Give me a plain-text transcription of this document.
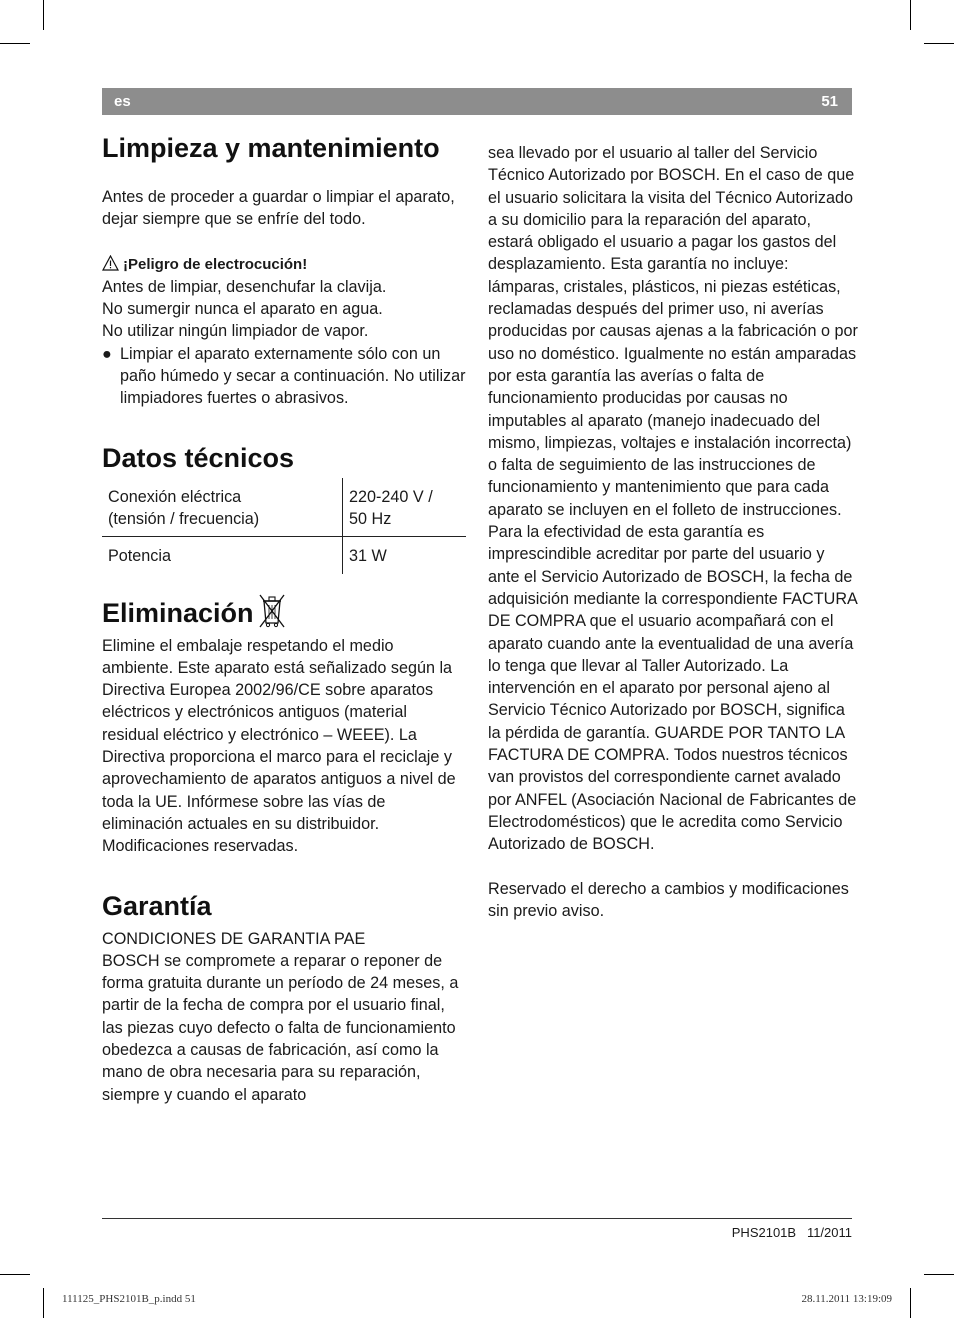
es	51
Limpieza y mantenimiento

Antes de proceder a guardar o limpiar el aparato, dejar siempre que se enfríe del todo.

¡Peligro de electrocución!

Antes de limpiar, desenchufar la clavija.

No sumergir nunca el aparato en agua.

No utilizar ningún limpiador de vapor.

● Limpiar el aparato externamente sólo con un paño húmedo y secar a continuación. No utilizar limpiadores fuertes o abrasivos.

Datos técnicos
Conexión eléctrica
(tensión / frecuencia)	220-240 V /
50 Hz
Potencia	31 W
Eliminación

Elimine el embalaje respetando el medio ambiente. Este aparato está señalizado según la Directiva Europea 2002/96/CE sobre aparatos eléctricos y electrónicos antiguos (material residual eléctrico y electrónico – WEEE). La Directiva proporciona el marco para el reciclaje y aprovechamiento de aparatos antiguos a nivel de toda la UE. Infórmese sobre las vías de eliminación actuales en su distribuidor.

Modificaciones reservadas.

Garantía

CONDICIONES DE GARANTIA PAE

BOSCH se compromete a reparar o reponer de forma gratuita durante un período de 24 meses, a partir de la fecha de compra por el usuario final, las piezas cuyo defecto o falta de funcionamiento obedezca a causas de fabricación, así como la mano de obra necesaria para su reparación, siempre y cuando el aparato

sea llevado por el usuario al taller del Servicio Técnico Autorizado por BOSCH. En el caso de que el usuario solicitara la visita del Técnico Autorizado a su domicilio para la reparación del aparato, estará obligado el usuario a pagar los gastos del desplazamiento. Esta garantía no incluye: lámparas, cristales, plásticos, ni piezas estéticas, reclamadas después del primer uso, ni averías producidas por causas ajenas a la fabricación o por uso no doméstico. Igualmente no están amparadas por esta garantía las averías o falta de funcionamiento producidas por causas no imputables al aparato (manejo inadecuado del mismo, limpiezas, voltajes e instalación incorrecta) o falta de seguimiento de las instrucciones de funcionamiento y mantenimiento que para cada aparato se incluyen en el folleto de instrucciones. Para la efectividad de esta garantía es imprescindible acreditar por parte del usuario y ante el Servicio Autorizado de BOSCH, la fecha de adquisición mediante la correspondiente FACTURA DE COMPRA que el usuario acompañará con el aparato cuando ante la eventualidad de una avería lo tenga que llevar al Taller Autorizado. La intervención en el aparato por personal ajeno al Servicio Técnico Autorizado por BOSCH, significa la pérdida de garantía. GUARDE POR TANTO LA FACTURA DE COMPRA. Todos nuestros técnicos van provistos del correspondiente carnet avalado por ANFEL (Asociación Nacional de Fabricantes de Electrodomésticos) que le acredita como Servicio Autorizado de BOSCH.

Reservado el derecho a cambios y modificaciones sin previo aviso.

PHS2101B 11/2011
111125_PHS2101B_p.indd 51	28.11.2011 13:19:09
